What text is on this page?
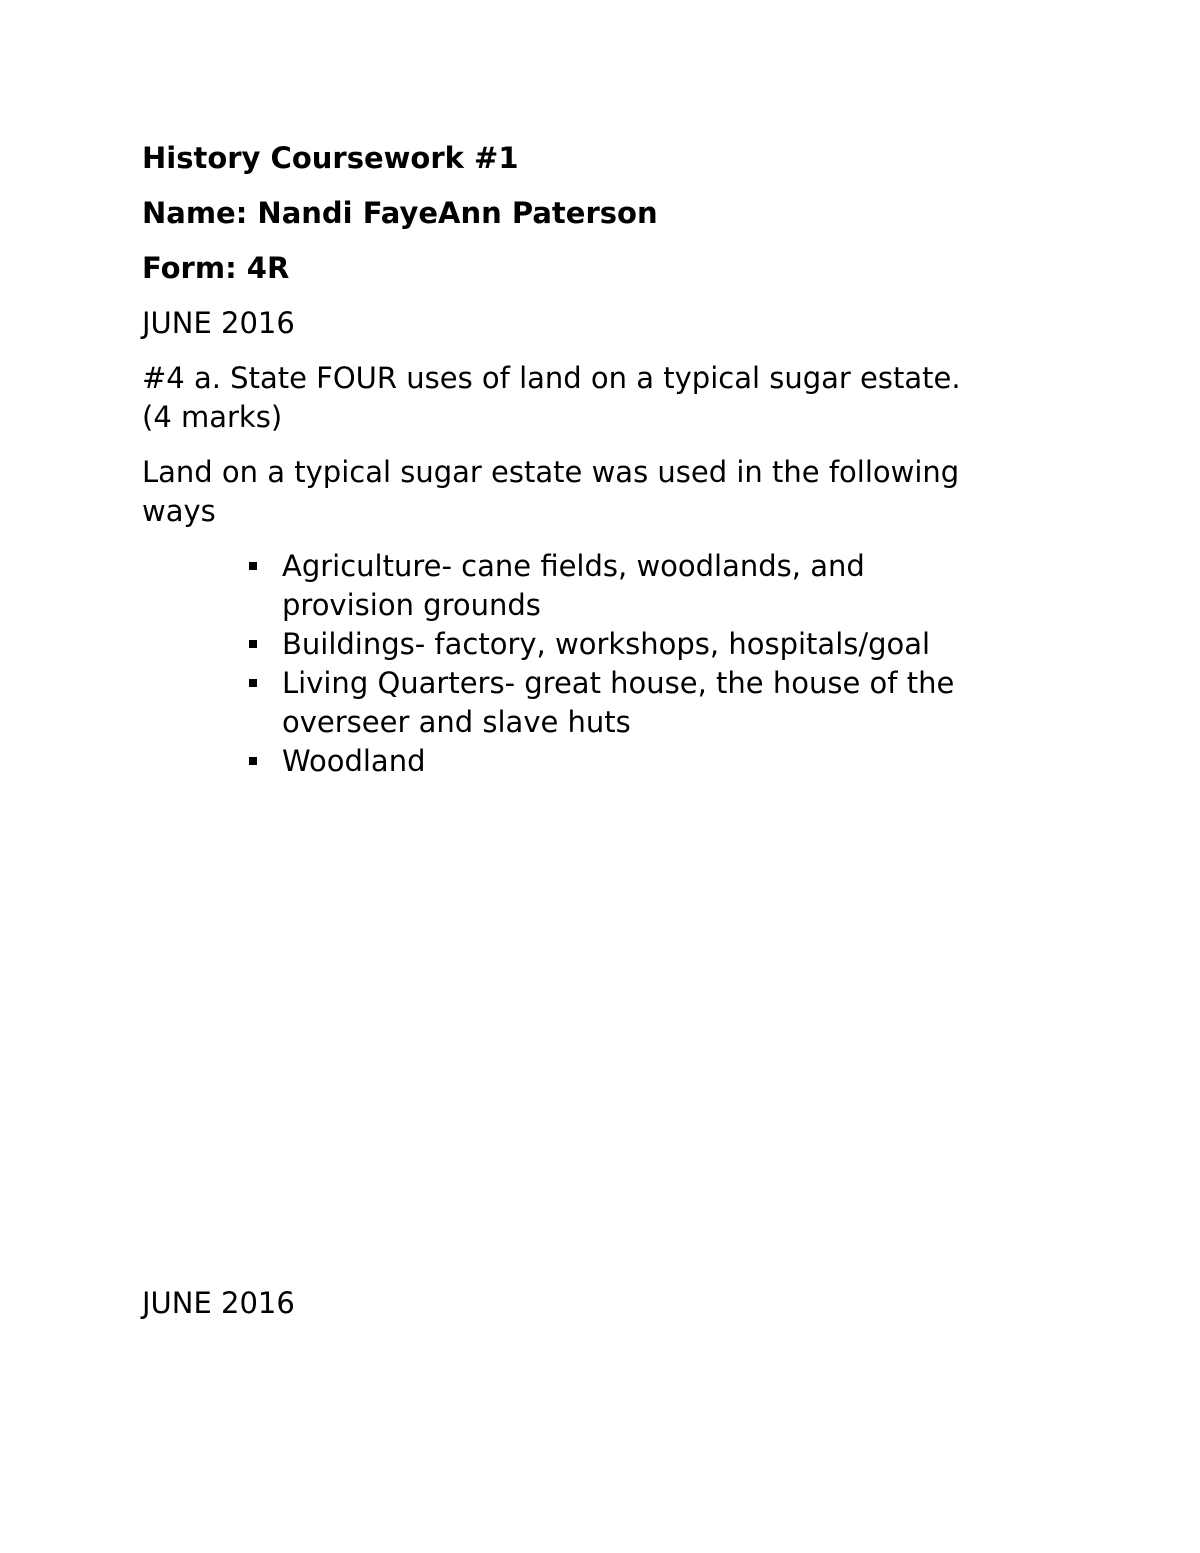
History Coursework #1

Name: Nandi FayeAnn Paterson

Form: 4R

JUNE 2016

#4 a. State FOUR uses of land on a typical sugar estate.
(4 marks)
Land on a typical sugar estate was used in the following
ways
Agriculture- cane fields, woodlands, and
provision grounds
Buildings- factory, workshops, hospitals/goal
Living Quarters- great house, the house of the
overseer and slave huts
Woodland

JUNE 2016
